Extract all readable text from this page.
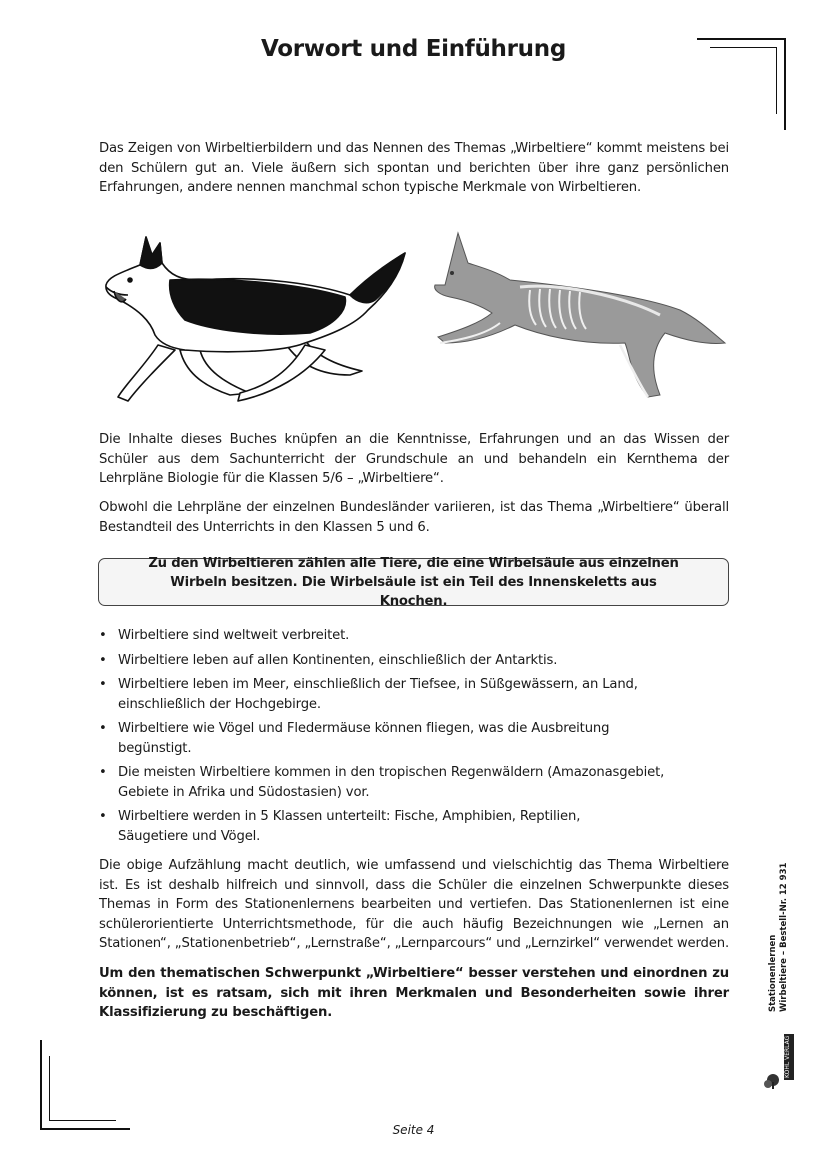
Vorwort und Einführung

Das Zeigen von Wirbeltierbildern und das Nennen des Themas „Wirbeltiere“ kommt meistens bei den Schülern gut an. Viele äußern sich spontan und berichten über ihre ganz persönlichen Erfahrungen, andere nennen manchmal schon typische Merkmale von Wirbeltieren.

Die Inhalte dieses Buches knüpfen an die Kenntnisse, Erfahrungen und an das Wissen der Schüler aus dem Sachunterricht der Grundschule an und behandeln ein Kernthema der Lehrpläne Biologie für die Klassen 5/6 – „Wirbeltiere“.

Obwohl die Lehrpläne der einzelnen Bundesländer variieren, ist das Thema „Wirbeltiere“ überall Bestandteil des Unterrichts in den Klassen 5 und 6.

Zu den Wirbeltieren zählen alle Tiere, die eine Wirbelsäule aus einzelnen Wirbeln besitzen. Die Wirbelsäule ist ein Teil des Innenskeletts aus Knochen.
• Wirbeltiere sind weltweit verbreitet.
• Wirbeltiere leben auf allen Kontinenten, einschließlich der Antarktis.
• Wirbeltiere leben im Meer, einschließlich der Tiefsee, in Süßgewässern, an Land, einschließlich der Hochgebirge.
• Wirbeltiere wie Vögel und Fledermäuse können fliegen, was die Ausbreitung begünstigt.
• Die meisten Wirbeltiere kommen in den tropischen Regenwäldern (Amazonasgebiet, Gebiete in Afrika und Südostasien) vor.
• Wirbeltiere werden in 5 Klassen unterteilt: Fische, Amphibien, Reptilien, Säugetiere und Vögel.

Die obige Aufzählung macht deutlich, wie umfassend und vielschichtig das Thema Wirbeltiere ist. Es ist deshalb hilfreich und sinnvoll, dass die Schüler die einzelnen Schwerpunkte dieses Themas in Form des Stationenlernens bearbeiten und vertiefen. Das Stationenlernen ist eine schülerorientierte Unterrichtsmethode, für die auch häufig Bezeichnungen wie „Lernen an Stationen“, „Stationenbetrieb“, „Lernstraße“, „Lernparcours“ und „Lernzirkel“ verwendet werden.

Um den thematischen Schwerpunkt „Wirbeltiere“ besser verstehen und einordnen zu können, ist es ratsam, sich mit ihren Merkmalen und Besonderheiten sowie ihrer Klassifizierung zu beschäftigen.

Stationenlernen Wirbeltiere – Bestell-Nr. 12 931
KOHL VERLAG
Seite 4
